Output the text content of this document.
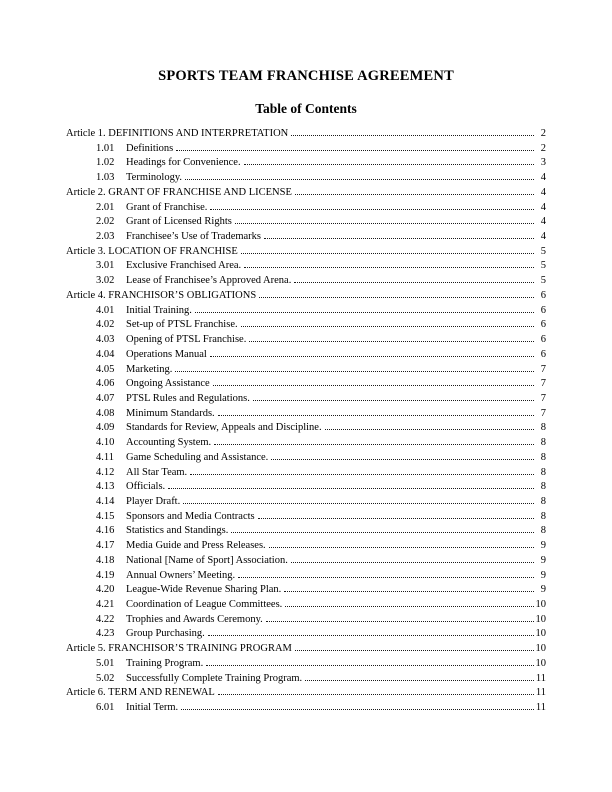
SPORTS TEAM FRANCHISE AGREEMENT
Table of Contents
Article 1. DEFINITIONS AND INTERPRETATION	2
1.01	Definitions	2
1.02	Headings for Convenience.	3
1.03	Terminology.	4
Article 2. GRANT OF FRANCHISE AND LICENSE	4
2.01	Grant of Franchise.	4
2.02	Grant of Licensed Rights	4
2.03	Franchisee’s Use of Trademarks	4
Article 3. LOCATION OF FRANCHISE	5
3.01	Exclusive Franchised Area.	5
3.02	Lease of Franchisee’s Approved Arena.	5
Article 4. FRANCHISOR’S OBLIGATIONS	6
4.01	Initial Training.	6
4.02	Set-up of PTSL Franchise.	6
4.03	Opening of PTSL Franchise.	6
4.04	Operations Manual	6
4.05	Marketing.	7
4.06	Ongoing Assistance	7
4.07	PTSL Rules and Regulations.	7
4.08	Minimum Standards.	7
4.09	Standards for Review, Appeals and Discipline.	8
4.10	Accounting System.	8
4.11	Game Scheduling and Assistance.	8
4.12	All Star Team.	8
4.13	Officials.	8
4.14	Player Draft.	8
4.15	Sponsors and Media Contracts	8
4.16	Statistics and Standings.	8
4.17	Media Guide and Press Releases.	9
4.18	National [Name of Sport] Association.	9
4.19	Annual Owners’ Meeting.	9
4.20	League-Wide Revenue Sharing Plan.	9
4.21	Coordination of League Committees.	10
4.22	Trophies and Awards Ceremony.	10
4.23	Group Purchasing.	10
Article 5. FRANCHISOR’S TRAINING PROGRAM	10
5.01	Training Program.	10
5.02	Successfully Complete Training Program.	11
Article 6. TERM AND RENEWAL	11
6.01	Initial Term.	11
